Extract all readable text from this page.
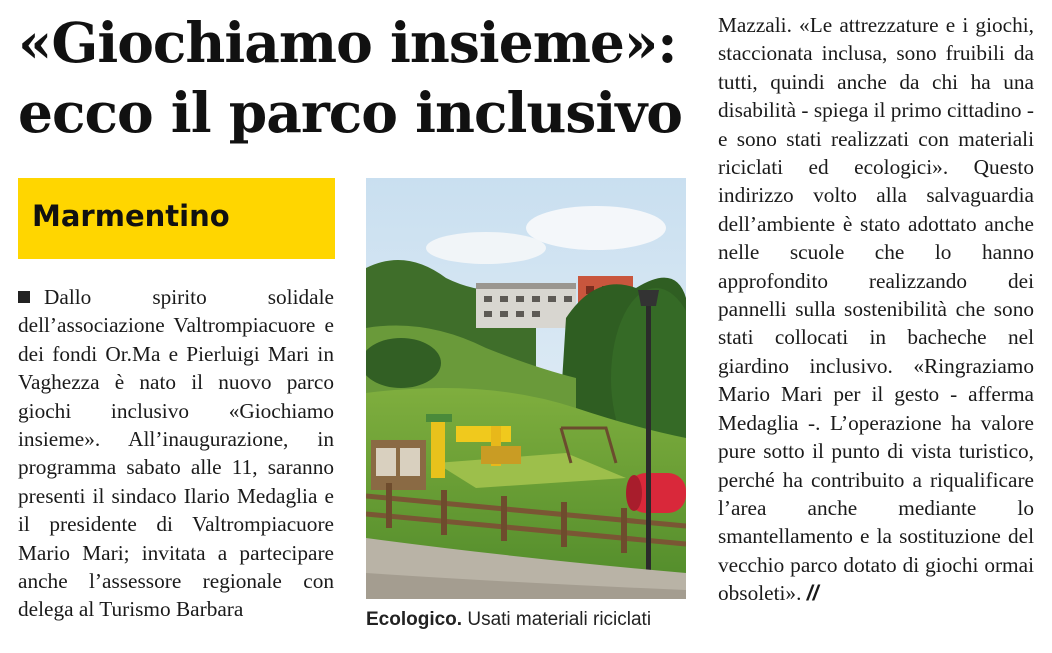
«Giochiamo insieme»:
ecco il parco inclusivo
Marmentino
Dallo spirito solidale dell’associazione Valtrompiacuore e dei fondi Or.Ma e Pierluigi Mari in Vaghezza è nato il nuovo parco giochi inclusivo «Giochiamo insieme». All’inaugurazione, in programma sabato alle 11, saranno presenti il sindaco Ilario Medaglia e il presidente di Valtrompiacuore Mario Mari; invitata a partecipare anche l’assessore regionale con delega al Turismo Barbara	Ecologico. Usati materiali riciclati
Mazzali. «Le attrezzature e i giochi, staccionata inclusa, sono fruibili da tutti, quindi anche da chi ha una disabilità - spiega il primo cittadino - e sono stati realizzati con materiali riciclati ed ecologici». Questo indirizzo volto alla salvaguardia dell’ambiente è stato adottato anche nelle scuole che lo hanno approfondito realizzando dei pannelli sulla sostenibilità che sono stati collocati in bacheche nel giardino inclusivo. «Ringraziamo Mario Mari per il gesto - afferma Medaglia -. L’operazione ha valore pure sotto il punto di vista turistico, perché ha contribuito a riqualificare l’area anche mediante lo smantellamento e la sostituzione del vecchio parco dotato di giochi ormai obsoleti». //
